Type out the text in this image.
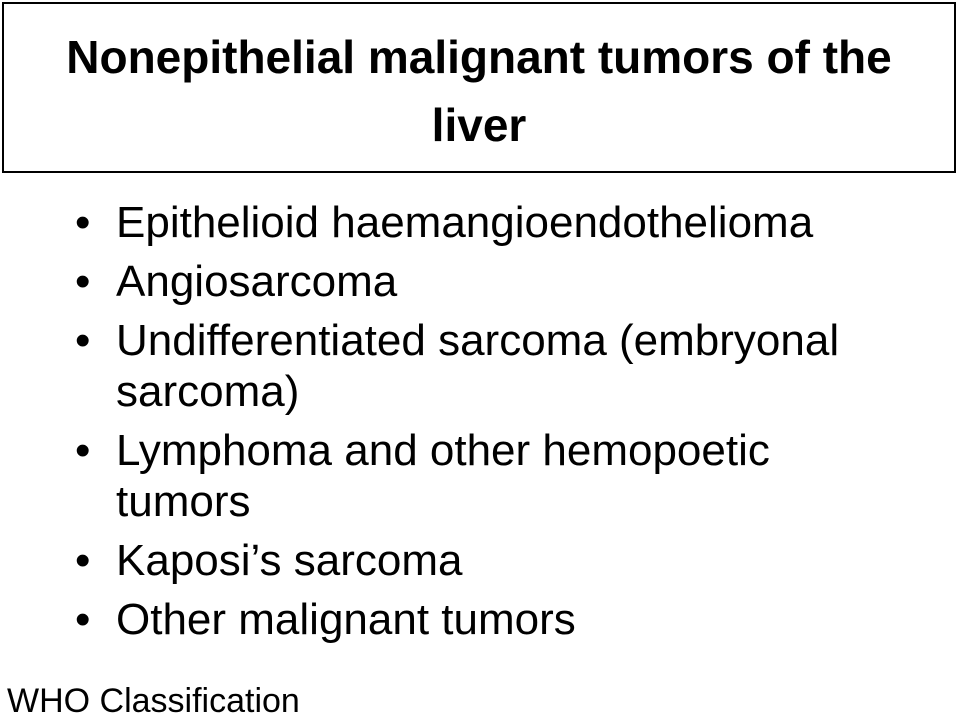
Nonepithelial malignant tumors of the
liver
• Epithelioid haemangioendothelioma
• Angiosarcoma
• Undifferentiated sarcoma (embryonal
sarcoma)
• Lymphoma and other hemopoetic
tumors
• Kaposi’s sarcoma
• Other malignant tumors

WHO Classification
